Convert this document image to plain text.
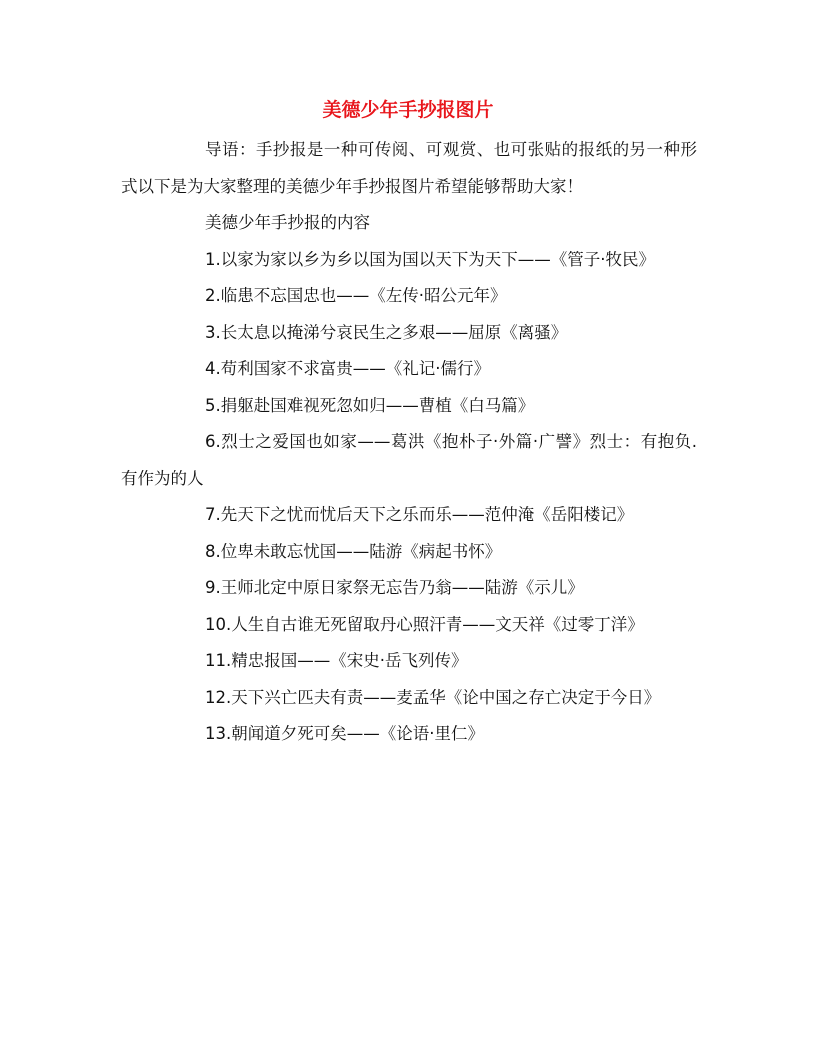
美德少年手抄报图片

导语：手抄报是一种可传阅、可观赏、也可张贴的报纸的另一种形式以下是为大家整理的美德少年手抄报图片希望能够帮助大家！

美德少年手抄报的内容

1.以家为家以乡为乡以国为国以天下为天下——《管子·牧民》

2.临患不忘国忠也——《左传·昭公元年》

3.长太息以掩涕兮哀民生之多艰——屈原《离骚》

4.苟利国家不求富贵——《礼记·儒行》

5.捐躯赴国难视死忽如归——曹植《白马篇》

6.烈士之爱国也如家——葛洪《抱朴子·外篇·广譬》烈士：有抱负.有作为的人

7.先天下之忧而忧后天下之乐而乐——范仲淹《岳阳楼记》

8.位卑未敢忘忧国——陆游《病起书怀》

9.王师北定中原日家祭无忘告乃翁——陆游《示儿》

10.人生自古谁无死留取丹心照汗青——文天祥《过零丁洋》

11.精忠报国——《宋史·岳飞列传》

12.天下兴亡匹夫有责——麦孟华《论中国之存亡决定于今日》

13.朝闻道夕死可矣——《论语·里仁》
